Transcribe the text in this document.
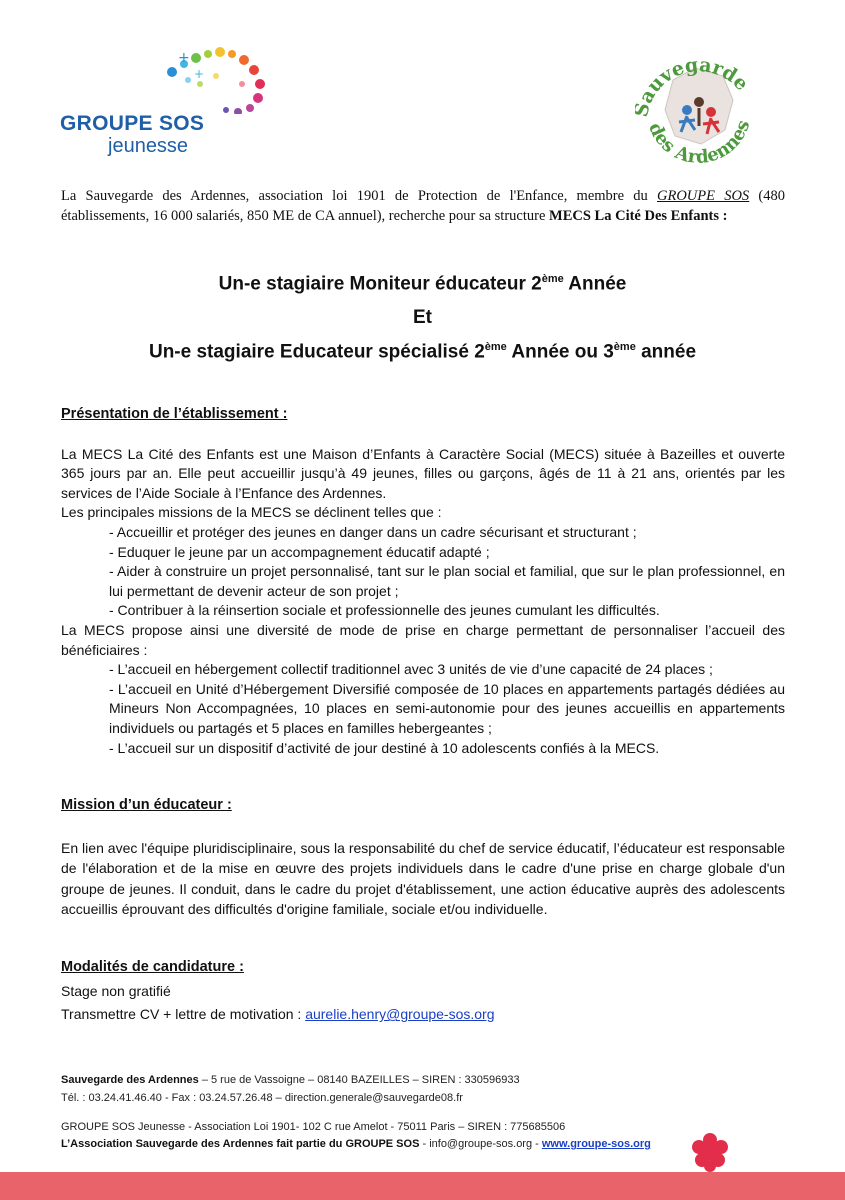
+
+
GROUPE SOS
jeunesse
auvegarde
des Ardennes
La Sauvegarde des Ardennes, association loi 1901 de Protection de l'Enfance, membre du GROUPE SOS (480 établissements, 16 000 salariés, 850 ME de CA annuel), recherche pour sa structure MECS La Cité Des Enfants :
Un-e stagiaire Moniteur éducateur 2ème Année
Et
Un-e stagiaire Educateur spécialisé 2ème Année ou 3ème année
Présentation de l’établissement :
La MECS La Cité des Enfants est une Maison d’Enfants à Caractère Social (MECS) située à Bazeilles et ouverte 365 jours par an. Elle peut accueillir jusqu’à 49 jeunes, filles ou garçons, âgés de 11 à 21 ans, orientés par les services de l’Aide Sociale à l’Enfance des Ardennes.
Les principales missions de la MECS se déclinent telles que :
- Accueillir et protéger des jeunes en danger dans un cadre sécurisant et structurant ;
- Eduquer le jeune par un accompagnement éducatif adapté ;
- Aider à construire un projet personnalisé, tant sur le plan social et familial, que sur le plan professionnel, en lui permettant de devenir acteur de son projet ;
- Contribuer à la réinsertion sociale et professionnelle des jeunes cumulant les difficultés.
La MECS propose ainsi une diversité de mode de prise en charge permettant de personnaliser l’accueil des bénéficiaires :
- L’accueil en hébergement collectif traditionnel avec 3 unités de vie d’une capacité de 24 places ;
- L’accueil en Unité d’Hébergement Diversifié composée de 10 places en appartements partagés dédiées au Mineurs Non Accompagnées, 10 places en semi-autonomie pour des jeunes accueillis en appartements individuels ou partagés et 5 places en familles hebergeantes ;
- L’accueil sur un dispositif d’activité de jour destiné à 10 adolescents confiés à la MECS.
Mission d’un éducateur :
En lien avec l'équipe pluridisciplinaire, sous la responsabilité du chef de service éducatif, l’éducateur est responsable de l'élaboration et de la mise en œuvre des projets individuels dans le cadre d'une prise en charge globale d'un groupe de jeunes. Il conduit, dans le cadre du projet d'établissement, une action éducative auprès des adolescents accueillis éprouvant des difficultés d'origine familiale, sociale et/ou individuelle.
Modalités de candidature :
Stage non gratifié
Transmettre CV + lettre de motivation : aurelie.henry@groupe-sos.org
Sauvegarde des Ardennes – 5 rue de Vassoigne – 08140 BAZEILLES – SIREN : 330596933
Tél. : 03.24.41.46.40 - Fax : 03.24.57.26.48 – direction.generale@sauvegarde08.fr
GROUPE SOS Jeunesse - Association Loi 1901- 102 C rue Amelot - 75011 Paris – SIREN : 775685506
L’Association Sauvegarde des Ardennes fait partie du GROUPE SOS - info@groupe-sos.org - www.groupe-sos.org
